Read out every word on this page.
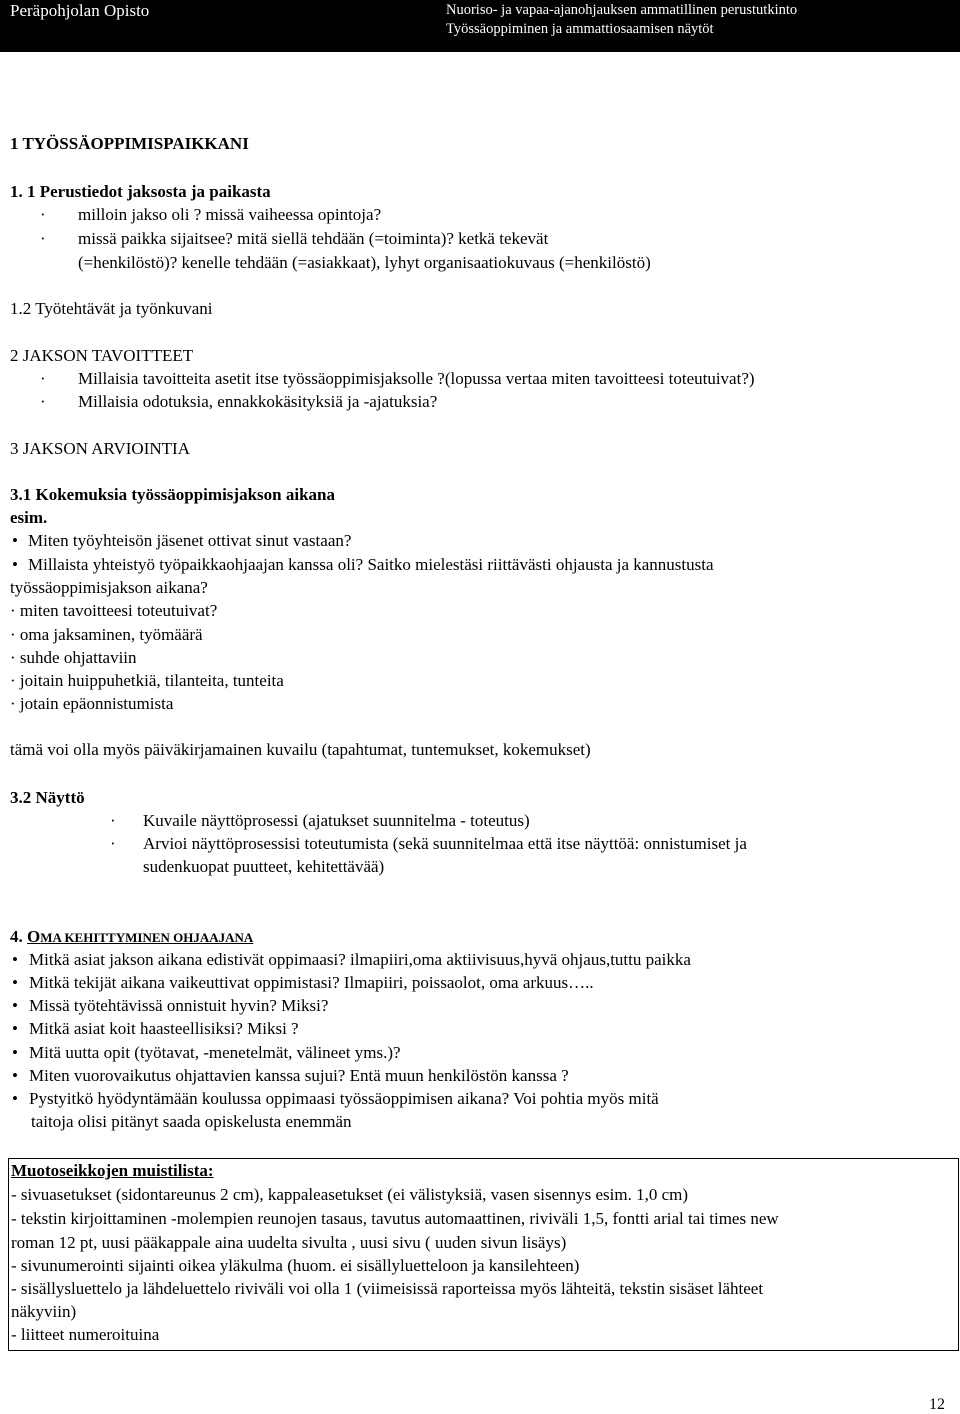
Peräpohjolan Opisto	Nuoriso- ja vapaa-ajanohjauksen ammatillinen perustutkinto
Työssäoppiminen ja ammattiosaamisen näytöt
1 TYÖSSÄOPPIMISPAIKKANI
1. 1 Perustiedot jaksosta ja paikasta
· milloin jakso oli ? missä vaiheessa opintoja?
· missä paikka sijaitsee? mitä siellä tehdään (=toiminta)? ketkä tekevät
(=henkilöstö)? kenelle tehdään (=asiakkaat), lyhyt organisaatiokuvaus (=henkilöstö)
1.2 Työtehtävät ja työnkuvani
2 JAKSON TAVOITTEET
· Millaisia tavoitteita asetit itse työssäoppimisjaksolle ?(lopussa vertaa miten tavoitteesi toteutuivat?)
· Millaisia odotuksia, ennakkokäsityksiä ja -ajatuksia?
3 JAKSON ARVIOINTIA
3.1 Kokemuksia työssäoppimisjakson aikana
esim.
• Miten työyhteisön jäsenet ottivat sinut vastaan?
• Millaista yhteistyö työpaikkaohjaajan kanssa oli? Saitko mielestäsi riittävästi ohjausta ja kannustusta
työssäoppimisjakson aikana?
· miten tavoitteesi toteutuivat?
· oma jaksaminen, työmäärä
· suhde ohjattaviin
· joitain huippuhetkiä, tilanteita, tunteita
· jotain epäonnistumista
tämä voi olla myös päiväkirjamainen kuvailu (tapahtumat, tuntemukset, kokemukset)
3.2 Näyttö
· Kuvaile näyttöprosessi (ajatukset suunnitelma - toteutus)
· Arvioi näyttöprosessisi toteutumista (sekä suunnitelmaa että itse näyttöä: onnistumiset ja
sudenkuopat puutteet, kehitettävää)
4. OMA KEHITTYMINEN OHJAAJANA
• Mitkä asiat jakson aikana edistivät oppimaasi? ilmapiiri,oma aktiivisuus,hyvä ohjaus,tuttu paikka
• Mitkä tekijät aikana vaikeuttivat oppimistasi? Ilmapiiri, poissaolot, oma arkuus…..
• Missä työtehtävissä onnistuit hyvin? Miksi?
• Mitkä asiat koit haasteellisiksi? Miksi ?
• Mitä uutta opit (työtavat, -menetelmät, välineet yms.)?
• Miten vuorovaikutus ohjattavien kanssa sujui? Entä muun henkilöstön kanssa ?
• Pystyitkö hyödyntämään koulussa oppimaasi työssäoppimisen aikana? Voi pohtia myös mitä
taitoja olisi pitänyt saada opiskelusta enemmän
Muotoseikkojen muistilista:
- sivuasetukset (sidontareunus 2 cm), kappaleasetukset (ei välistyksiä, vasen sisennys esim. 1,0 cm)
- tekstin kirjoittaminen -molempien reunojen tasaus, tavutus automaattinen, riviväli 1,5, fontti arial tai times new
roman 12 pt, uusi pääkappale aina uudelta sivulta , uusi sivu ( uuden sivun lisäys)
- sivunumerointi sijainti oikea yläkulma (huom. ei sisällyluetteloon ja kansilehteen)
- sisällysluettelo ja lähdeluettelo riviväli voi olla 1 (viimeisissä raporteissa myös lähteitä, tekstin sisäset lähteet
näkyviin)
- liitteet numeroituina
12
